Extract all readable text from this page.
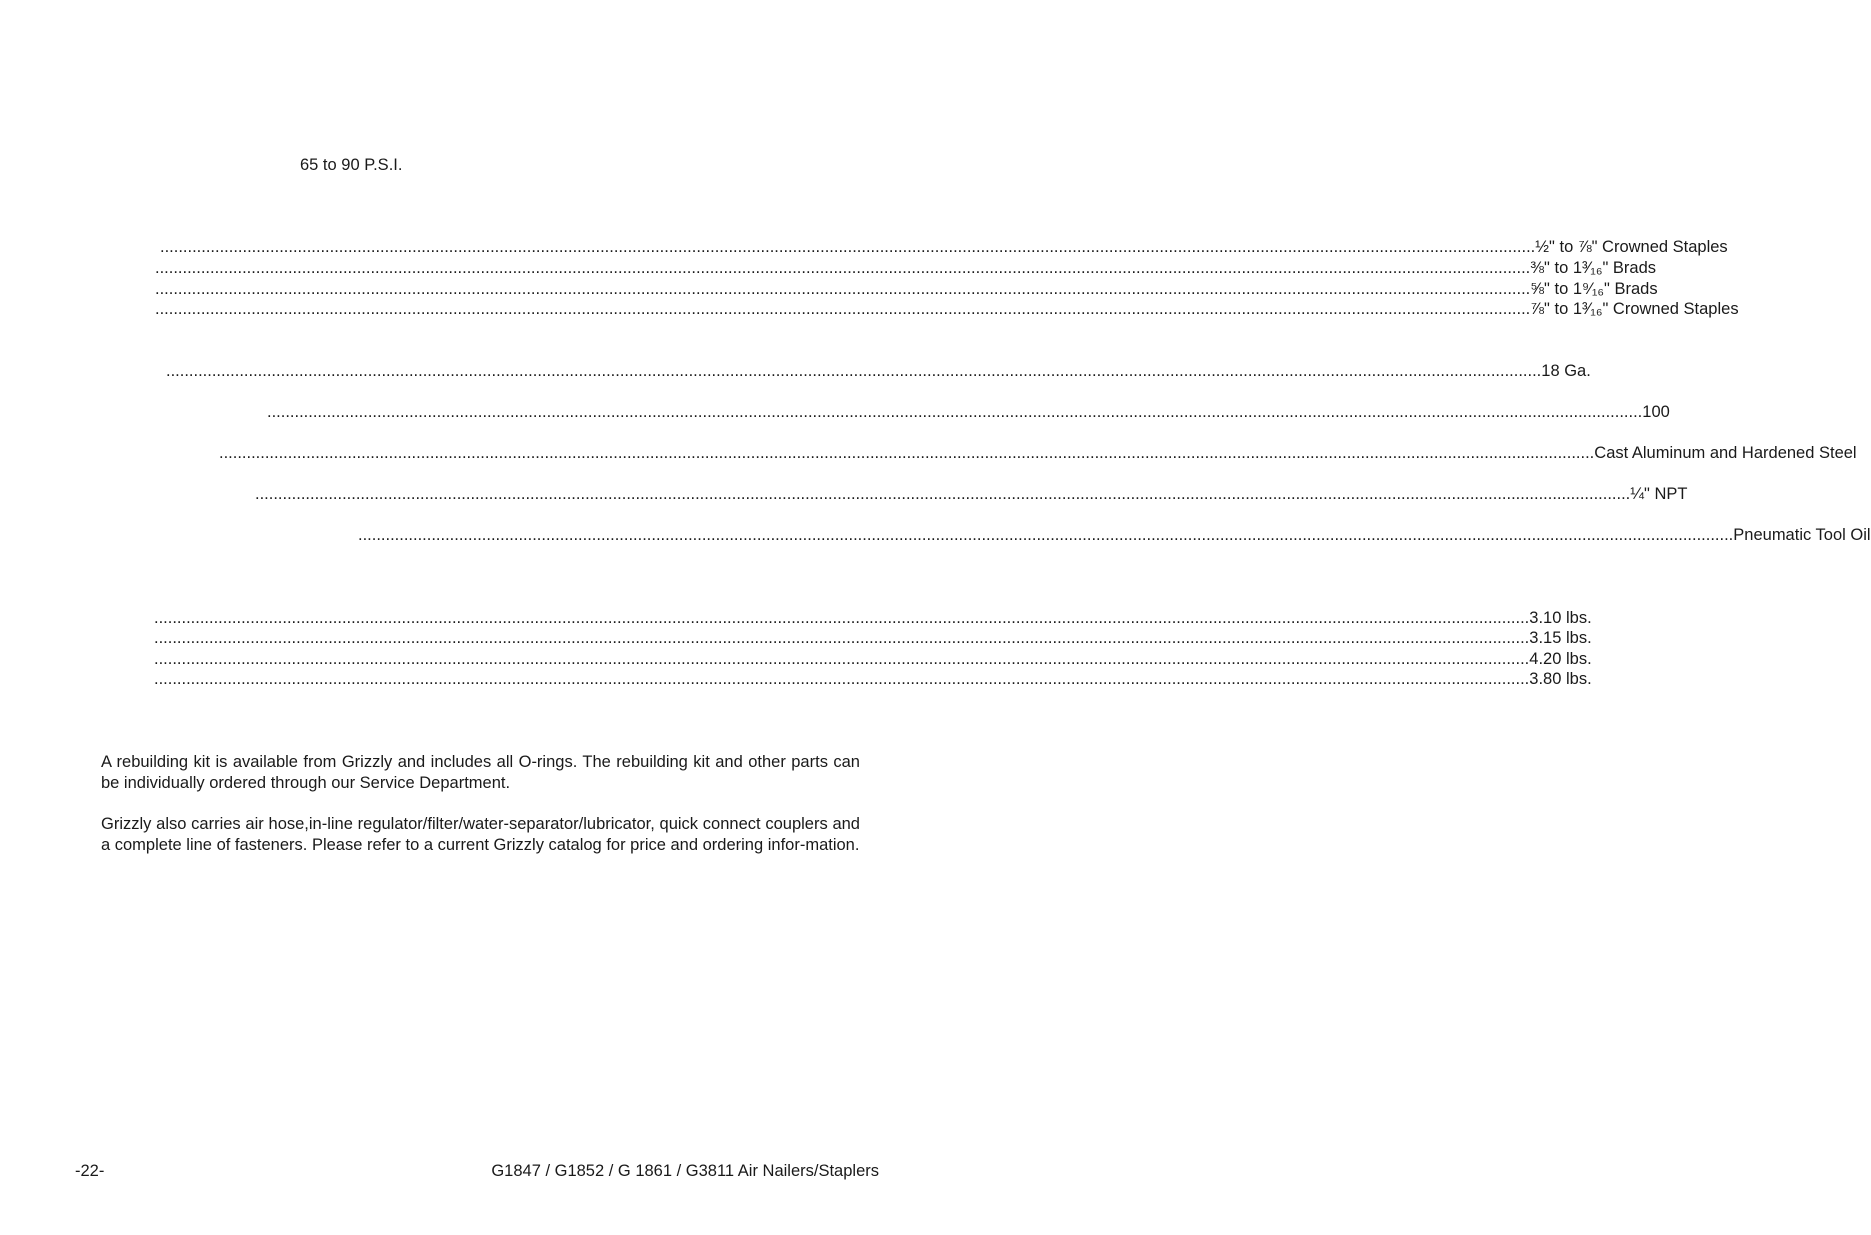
65 to 90 P.S.I.
............................................................................................................................................................................................................................................................................................................ ½" to ⅞" Crowned Staples
............................................................................................................................................................................................................................................................................................................ ⅜" to 1³⁄₁₆" Brads
............................................................................................................................................................................................................................................................................................................ ⅝" to 1⁹⁄₁₆" Brads
............................................................................................................................................................................................................................................................................................................ ⅞" to 1³⁄₁₆" Crowned Staples
............................................................................................................................................................................................................................................................................................................ 18 Ga.
............................................................................................................................................................................................................................................................................................................ 100
............................................................................................................................................................................................................................................................................................................ Cast Aluminum and Hardened Steel
............................................................................................................................................................................................................................................................................................................ ¼" NPT
............................................................................................................................................................................................................................................................................................................ Pneumatic Tool Oil
............................................................................................................................................................................................................................................................................................................ 3.10 lbs.
............................................................................................................................................................................................................................................................................................................ 3.15 lbs.
............................................................................................................................................................................................................................................................................................................ 4.20 lbs.
............................................................................................................................................................................................................................................................................................................ 3.80 lbs.
A rebuilding kit is available from Grizzly and includes all O-rings. The rebuilding kit and other parts can be individually ordered through our Service Department.
Grizzly also carries air hose,in-line regulator/filter/water-separator/lubricator, quick connect couplers and a complete line of fasteners. Please refer to a current Grizzly catalog for price and ordering infor-mation.
-22-	G1847 / G1852 / G 1861 / G3811 Air Nailers/Staplers
